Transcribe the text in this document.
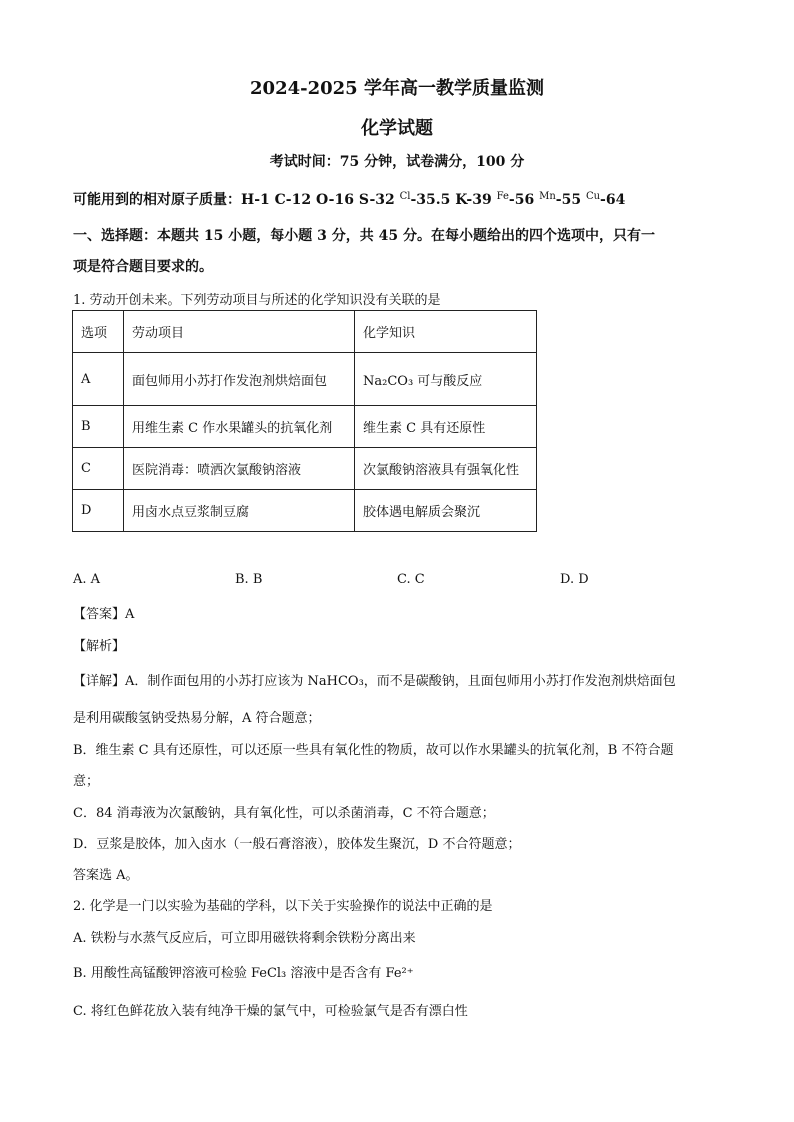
2024-2025 学年高一教学质量监测
化学试题
考试时间：75 分钟，试卷满分，100 分
可能用到的相对原子质量：H-1 C-12 O-16 S-32 $^{Cl}$-35.5 K-39 $^{Fe}$-56 $^{Mn}$-55 $^{Cu}$-64
一、选择题：本题共 15 小题，每小题 3 分，共 45 分。在每小题给出的四个选项中，只有一
项是符合题目要求的。
1. 劳动开创未来。下列劳动项目与所述的化学知识没有关联的是
选项	劳动项目	化学知识
A	面包师用小苏打作发泡剂烘焙面包	Na₂CO₃ 可与酸反应
B	用维生素 C 作水果罐头的抗氧化剂	维生素 C 具有还原性
C	医院消毒：喷洒次氯酸钠溶液	次氯酸钠溶液具有强氧化性
D	用卤水点豆浆制豆腐	胶体遇电解质会聚沉
A. A	B. B	C. C	D. D
【答案】A
【解析】
【详解】A．制作面包用的小苏打应该为 NaHCO₃，而不是碳酸钠，且面包师用小苏打作发泡剂烘焙面包
是利用碳酸氢钠受热易分解，A 符合题意；
B．维生素 C 具有还原性，可以还原一些具有氧化性的物质，故可以作水果罐头的抗氧化剂，B 不符合题
意；
C．84 消毒液为次氯酸钠，具有氧化性，可以杀菌消毒，C 不符合题意；
D．豆浆是胶体，加入卤水（一般石膏溶液），胶体发生聚沉，D 不合符题意；
答案选 A。
2. 化学是一门以实验为基础的学科，以下关于实验操作的说法中正确的是
A. 铁粉与水蒸气反应后，可立即用磁铁将剩余铁粉分离出来
B. 用酸性高锰酸钾溶液可检验 FeCl₃ 溶液中是否含有 Fe²⁺
C. 将红色鲜花放入装有纯净干燥的氯气中，可检验氯气是否有漂白性
